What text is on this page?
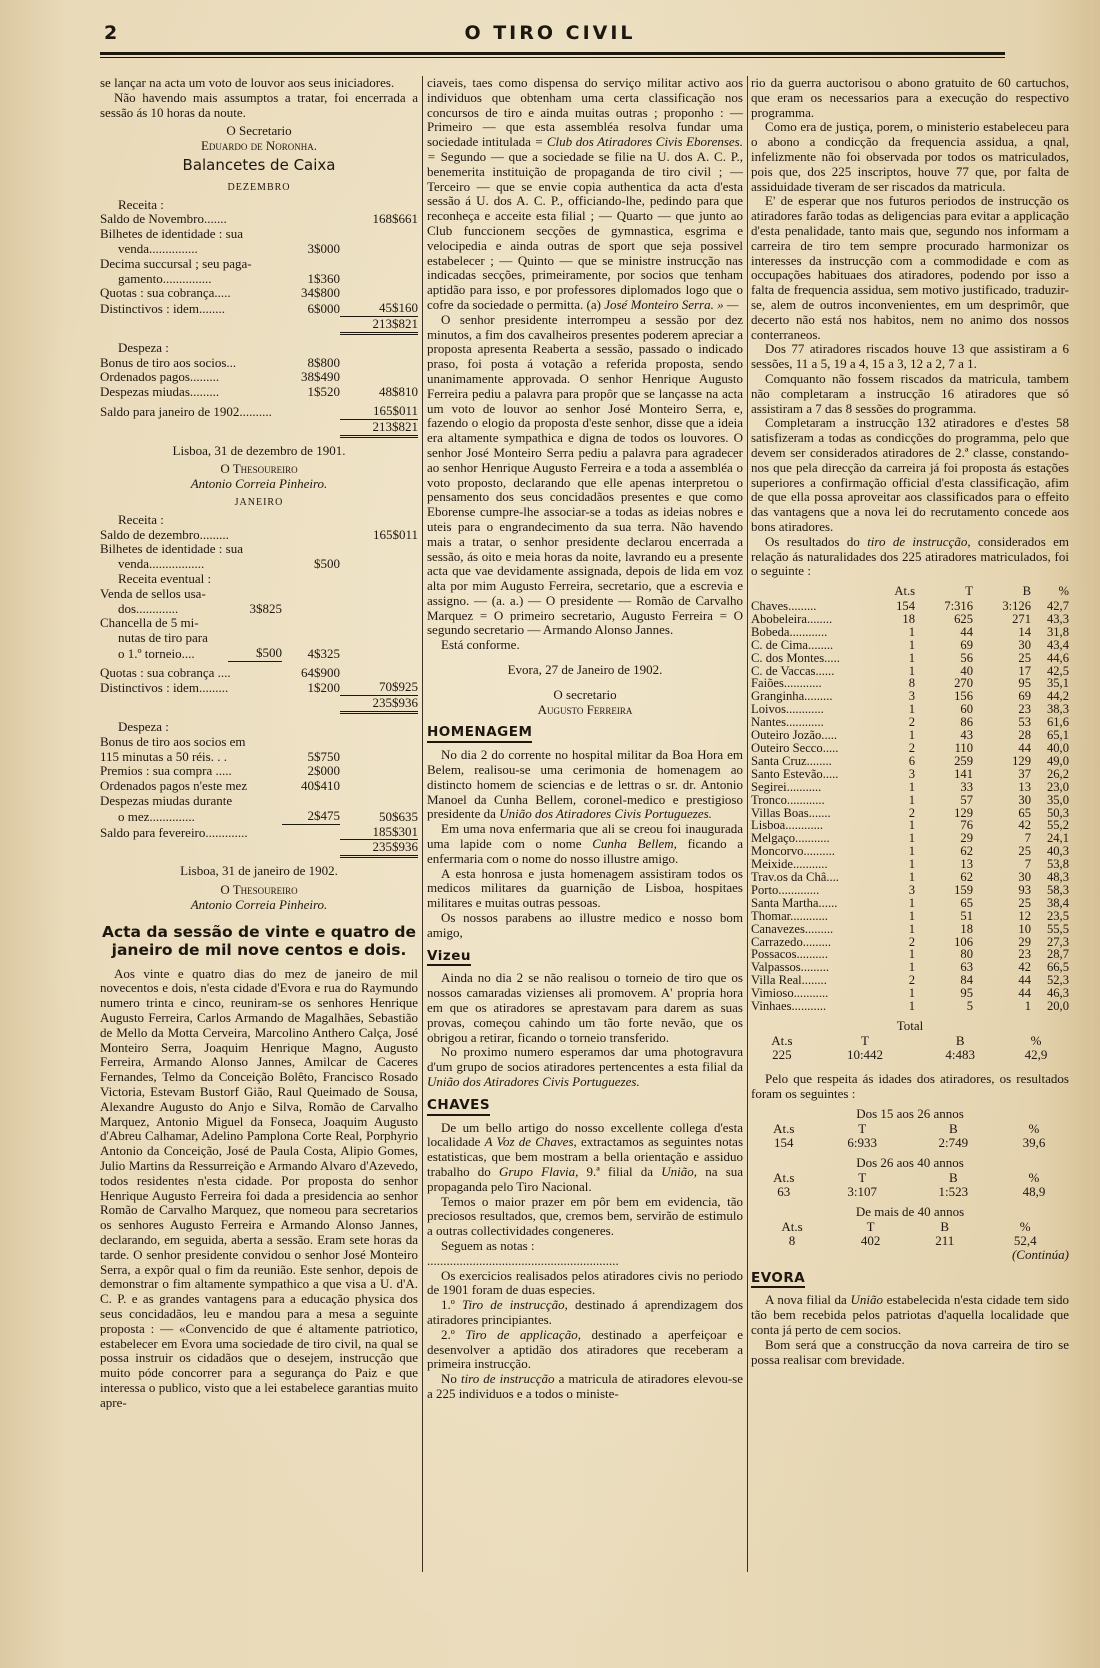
2	O TIRO CIVIL

se lançar na acta um voto de louvor aos seus iniciadores.

Não havendo mais assumptos a tratar, foi encerrada a sessão ás 10 horas da noute.

O Secretario

Eduardo de Noronha.

Balancetes de Caixa
DEZEMBRO

Receita :

Saldo de Novembro.......	168$661
Bilhetes de identidade : sua
venda...............	3$000
Decima succursal ; seu paga-
gamento...............	1$360
Quotas : sua cobrança.....	34$800
Distinctivos : idem........	6$000	45$160
213$821

Despeza :

Bonus de tiro aos socios...	8$800
Ordenados pagos.........	38$490
Despezas miudas.........	1$520	48$810
Saldo para janeiro de 1902..........	165$011
213$821

Lisboa, 31 de dezembro de 1901.

O Thesoureiro

Antonio Correia Pinheiro.

JANEIRO

Receita :

Saldo de dezembro.........	165$011
Bilhetes de identidade : sua
venda.................	$500

Receita eventual :

Venda de sellos usa-
dos.............	3$825
Chancella de 5 mi-
nutas de tiro para
o 1.º torneio....	$500	4$325
Quotas : sua cobrança ....	64$900
Distinctivos : idem.........	1$200	70$925
235$936

Despeza :

Bonus de tiro aos socios em
115 minutas a 50 réis. . .	5$750
Premios : sua compra .....	2$000
Ordenados pagos n'este mez	40$410
Despezas miudas durante
o mez..............	2$475	50$635
Saldo para fevereiro.............	185$301
235$936

Lisboa, 31 de janeiro de 1902.

O Thesoureiro

Antonio Correia Pinheiro.

Acta da sessão de vinte e quatro de janeiro de mil nove centos e dois.

Aos vinte e quatro dias do mez de janeiro de mil novecentos e dois, n'esta cidade d'Evora e rua do Raymundo numero trinta e cinco, reuniram-se os senhores Henrique Augusto Ferreira, Carlos Armando de Magalhães, Sebastião de Mello da Motta Cerveira, Marcolino Anthero Calça, José Monteiro Serra, Joaquim Henrique Magno, Augusto Ferreira, Armando Alonso Jannes, Amilcar de Caceres Fernandes, Telmo da Conceição Bolêto, Francisco Rosado Victoria, Estevam Bustorf Gião, Raul Queimado de Sousa, Alexandre Augusto do Anjo e Silva, Romão de Carvalho Marquez, Antonio Miguel da Fonseca, Joaquim Augusto d'Abreu Calhamar, Adelino Pamplona Corte Real, Porphyrio Antonio da Conceição, José de Paula Costa, Alipio Gomes, Julio Martins da Ressurreição e Armando Alvaro d'Azevedo, todos residentes n'esta cidade. Por proposta do senhor Henrique Augusto Ferreira foi dada a presidencia ao senhor Romão de Carvalho Marquez, que nomeou para secretarios os senhores Augusto Ferreira e Armando Alonso Jannes, declarando, em seguida, aberta a sessão. Eram sete horas da tarde. O senhor presidente convidou o senhor José Monteiro Serra, a expôr qual o fim da reunião. Este senhor, depois de demonstrar o fim altamente sympathico a que visa a U. d'A. C. P. e as grandes vantagens para a educação physica dos seus concidadãos, leu e mandou para a mesa a seguinte proposta : — «Convencido de que é altamente patriotico, estabelecer em Evora uma sociedade de tiro civil, na qual se possa instruir os cidadãos que o desejem, instrucção que muito póde concorrer para a segurança do Paiz e que interessa o publico, visto que a lei estabelece garantias muito apre-

ciaveis, taes como dispensa do serviço militar activo aos individuos que obtenham uma certa classificação nos concursos de tiro e ainda muitas outras ; proponho : — Primeiro — que esta assembléa resolva fundar uma sociedade intitulada = Club dos Atiradores Civis Eborenses. = Segundo — que a sociedade se filie na U. dos A. C. P., benemerita instituição de propaganda de tiro civil ; — Terceiro — que se envie copia authentica da acta d'esta sessão á U. dos A. C. P., officiando-lhe, pedindo para que reconheça e acceite esta filial ; — Quarto — que junto ao Club funccionem secções de gymnastica, esgrima e velocipedia e ainda outras de sport que seja possivel estabelecer ; — Quinto — que se ministre instrucção nas indicadas secções, primeiramente, por socios que tenham aptidão para isso, e por professores diplomados logo que o cofre da sociedade o permitta. (a) José Monteiro Serra. » —

O senhor presidente interrompeu a sessão por dez minutos, a fim dos cavalheiros presentes poderem apreciar a proposta apresenta Reaberta a sessão, passado o indicado praso, foi posta á votação a referida proposta, sendo unanimamente approvada. O senhor Henrique Augusto Ferreira pediu a palavra para propôr que se lançasse na acta um voto de louvor ao senhor José Monteiro Serra, e, fazendo o elogio da proposta d'este senhor, disse que a ideia era altamente sympathica e digna de todos os louvores. O senhor José Monteiro Serra pediu a palavra para agradecer ao senhor Henrique Augusto Ferreira e a toda a assembléa o voto proposto, declarando que elle apenas interpretou o pensamento dos seus concidadãos presentes e que como Eborense cumpre-lhe associar-se a todas as ideias nobres e uteis para o engrandecimento da sua terra. Não havendo mais a tratar, o senhor presidente declarou encerrada a sessão, ás oito e meia horas da noite, lavrando eu a presente acta que vae devidamente assignada, depois de lida em voz alta por mim Augusto Ferreira, secretario, que a escrevia e assigno. — (a. a.) — O presidente — Romão de Carvalho Marquez = O primeiro secretario, Augusto Ferreira = O segundo secretario — Armando Alonso Jannes.

Está conforme.

Evora, 27 de Janeiro de 1902.

O secretario

Augusto Ferreira

HOMENAGEM

No dia 2 do corrente no hospital militar da Boa Hora em Belem, realisou-se uma cerimonia de homenagem ao distincto homem de sciencias e de lettras o sr. dr. Antonio Manoel da Cunha Bellem, coronel-medico e prestigioso presidente da União dos Atiradores Civis Portuguezes.

Em uma nova enfermaria que ali se creou foi inaugurada uma lapide com o nome Cunha Bellem, ficando a enfermaria com o nome do nosso illustre amigo.

A esta honrosa e justa homenagem assistiram todos os medicos militares da guarnição de Lisboa, hospitaes militares e muitas outras pessoas.

Os nossos parabens ao illustre medico e nosso bom amigo,

Vizeu

Ainda no dia 2 se não realisou o torneio de tiro que os nossos camaradas vizienses ali promovem. A' propria hora em que os atiradores se aprestavam para darem as suas provas, começou cahindo um tão forte nevão, que os obrigou a retirar, ficando o torneio transferido.

No proximo numero esperamos dar uma photogravura d'um grupo de socios atiradores pertencentes a esta filial da União dos Atiradores Civis Portuguezes.

CHAVES

De um bello artigo do nosso excellente collega d'esta localidade A Voz de Chaves, extractamos as seguintes notas estatisticas, que bem mostram a bella orientação e assiduo trabalho do Grupo Flavia, 9.ª filial da União, na sua propaganda pelo Tiro Nacional.

Temos o maior prazer em pôr bem em evidencia, tão preciosos resultados, que, cremos bem, servirão de estimulo a outras collectividades congeneres.

Seguem as notas :

...........................................................

Os exercicios realisados pelos atiradores civis no periodo de 1901 foram de duas especies.

1.º Tiro de instrucção, destinado á aprendizagem dos atiradores principiantes.

2.º Tiro de applicação, destinado a aperfeiçoar e desenvolver a aptidão dos atiradores que receberam a primeira instrucção.

No tiro de instrucção a matricula de atiradores elevou-se a 225 individuos e a todos o ministe-

rio da guerra auctorisou o abono gratuito de 60 cartuchos, que eram os necessarios para a execução do respectivo programma.

Como era de justiça, porem, o ministerio estabeleceu para o abono a condicção da frequencia assidua, a qnal, infelizmente não foi observada por todos os matriculados, pois que, dos 225 inscriptos, houve 77 que, por falta de assiduidade tiveram de ser riscados da matricula.

E' de esperar que nos futuros periodos de instrucção os atiradores farão todas as deligencias para evitar a applicação d'esta penalidade, tanto mais que, segundo nos informam a carreira de tiro tem sempre procurado harmonizar os interesses da instrucção com a commodidade e com as occupações habituaes dos atiradores, podendo por isso a falta de frequencia assidua, sem motivo justificado, traduzir-se, alem de outros inconvenientes, em um desprimôr, que decerto não está nos habitos, nem no animo dos nossos conterraneos.

Dos 77 atiradores riscados houve 13 que assistiram a 6 sessões, 11 a 5, 19 a 4, 15 a 3, 12 a 2, 7 a 1.

Comquanto não fossem riscados da matricula, tambem não completaram a instrucção 16 atiradores que só assistiram a 7 das 8 sessões do programma.

Completaram a instrucção 132 atiradores e d'estes 58 satisfizeram a todas as condicções do programma, pelo que devem ser considerados atiradores de 2.ª classe, constando-nos que pela direcção da carreira já foi proposta ás estações superiores a confirmação official d'esta classificação, afim de que ella possa aproveitar aos classificados para o effeito das vantagens que a nova lei do recrutamento concede aos bons atiradores.

Os resultados do tiro de instrucção, considerados em relação ás naturalidades dos 225 atiradores matriculados, foi o seguinte :

	At.s	T	B	%
Chaves.........	154	7:316	3:126	42,7
Abobeleira........	18	625	271	43,3
Bobeda............	1	44	14	31,8
C. de Cima........	1	69	30	43,4
C. dos Montes.....	1	56	25	44,6
C. de Vaccas......	1	40	17	42,5
Faiões............	8	270	95	35,1
Granginha.........	3	156	69	44,2
Loivos............	1	60	23	38,3
Nantes............	2	86	53	61,6
Outeiro Jozão.....	1	43	28	65,1
Outeiro Secco.....	2	110	44	40,0
Santa Cruz........	6	259	129	49,0
Santo Estevão.....	3	141	37	26,2
Segirei...........	1	33	13	23,0
Tronco............	1	57	30	35,0
Villas Boas.......	2	129	65	50,3
Lisboa............	1	76	42	55,2
Melgaço...........	1	29	7	24,1
Moncorvo..........	1	62	25	40,3
Meixide...........	1	13	7	53,8
Trav.os da Châ....	1	62	30	48,3
Porto.............	3	159	93	58,3
Santa Martha......	1	65	25	38,4
Thomar............	1	51	12	23,5
Canavezes.........	1	18	10	55,5
Carrazedo.........	2	106	29	27,3
Possacos..........	1	80	23	28,7
Valpassos.........	1	63	42	66,5
Villa Real........	2	84	44	52,3
Vimioso...........	1	95	44	46,3
Vinhaes...........	1	5	1	20,0

Total

At.s	T	B	%
225	10:442	4:483	42,9

Pelo que respeita ás idades dos atiradores, os resultados foram os seguintes :

Dos 15 aos 26 annos

At.s	T	B	%
154	6:933	2:749	39,6

Dos 26 aos 40 annos

At.s	T	B	%
63	3:107	1:523	48,9

De mais de 40 annos

At.s	T	B	%
8	402	211	52,4

(Continúa)

EVORA

A nova filial da União estabelecida n'esta cidade tem sido tão bem recebida pelos patriotas d'aquella localidade que conta já perto de cem socios.

Bom será que a construcção da nova carreira de tiro se possa realisar com brevidade.
